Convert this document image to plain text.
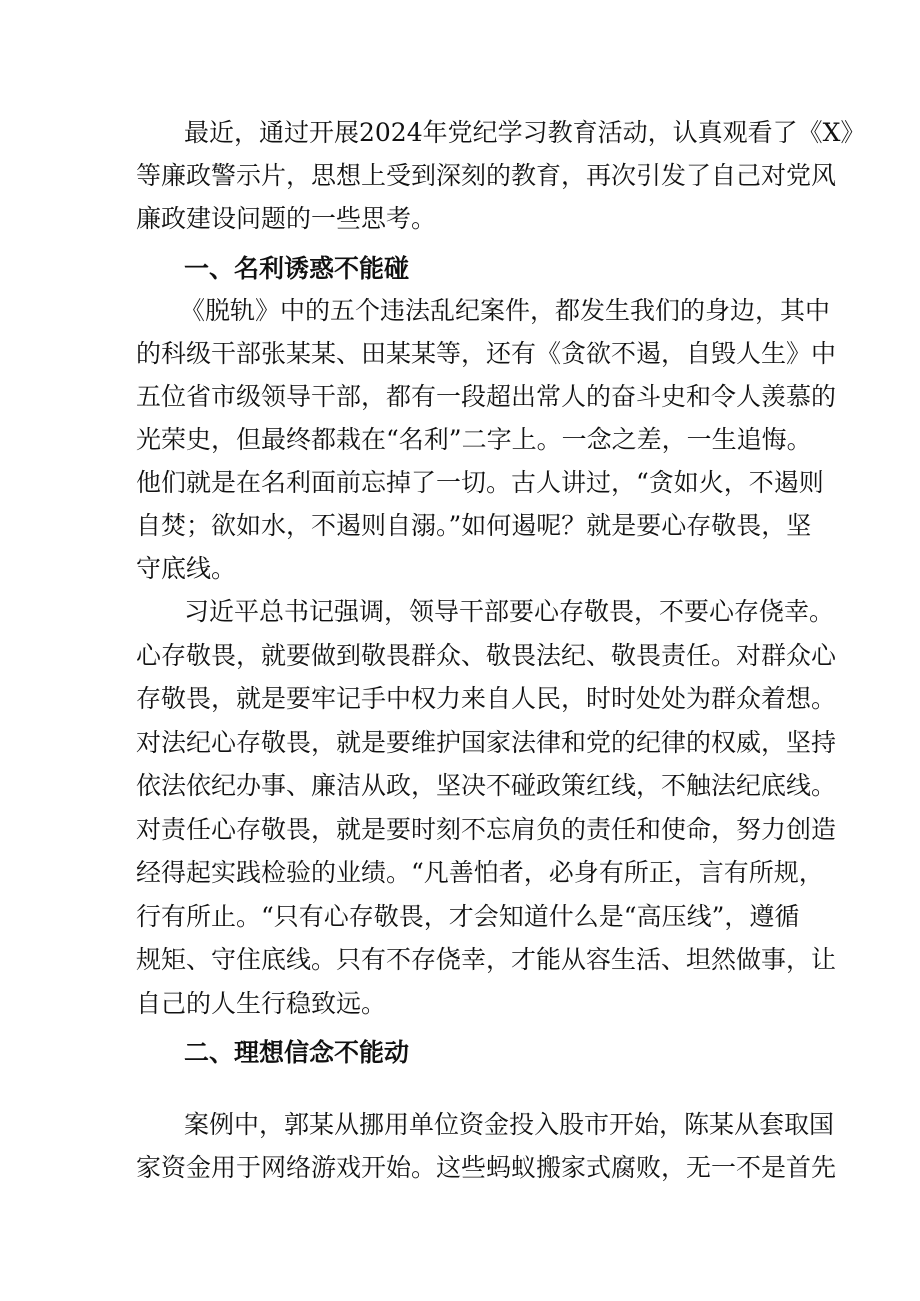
最近，通过开展2024年党纪学习教育活动，认真观看了《X》
等廉政警示片，思想上受到深刻的教育，再次引发了自己对党风
廉政建设问题的一些思考。
一、名利诱惑不能碰
《脱轨》中的五个违法乱纪案件，都发生我们的身边，其中
的科级干部张某某、田某某等，还有《贪欲不遏，自毁人生》中
五位省市级领导干部，都有一段超出常人的奋斗史和令人羡慕的
光荣史，但最终都栽在“名利”二字上。一念之差，一生追悔。
他们就是在名利面前忘掉了一切。古人讲过，“贪如火，不遏则
自焚；欲如水，不遏则自溺。”如何遏呢？就是要心存敬畏，坚
守底线。
习近平总书记强调，领导干部要心存敬畏，不要心存侥幸。
心存敬畏，就要做到敬畏群众、敬畏法纪、敬畏责任。对群众心
存敬畏，就是要牢记手中权力来自人民，时时处处为群众着想。
对法纪心存敬畏，就是要维护国家法律和党的纪律的权威，坚持
依法依纪办事、廉洁从政，坚决不碰政策红线，不触法纪底线。
对责任心存敬畏，就是要时刻不忘肩负的责任和使命，努力创造
经得起实践检验的业绩。“凡善怕者，必身有所正，言有所规，
行有所止。“只有心存敬畏，才会知道什么是“高压线”，遵循
规矩、守住底线。只有不存侥幸，才能从容生活、坦然做事，让
自己的人生行稳致远。
二、理想信念不能动
案例中，郭某从挪用单位资金投入股市开始，陈某从套取国
家资金用于网络游戏开始。这些蚂蚁搬家式腐败，无一不是首先
